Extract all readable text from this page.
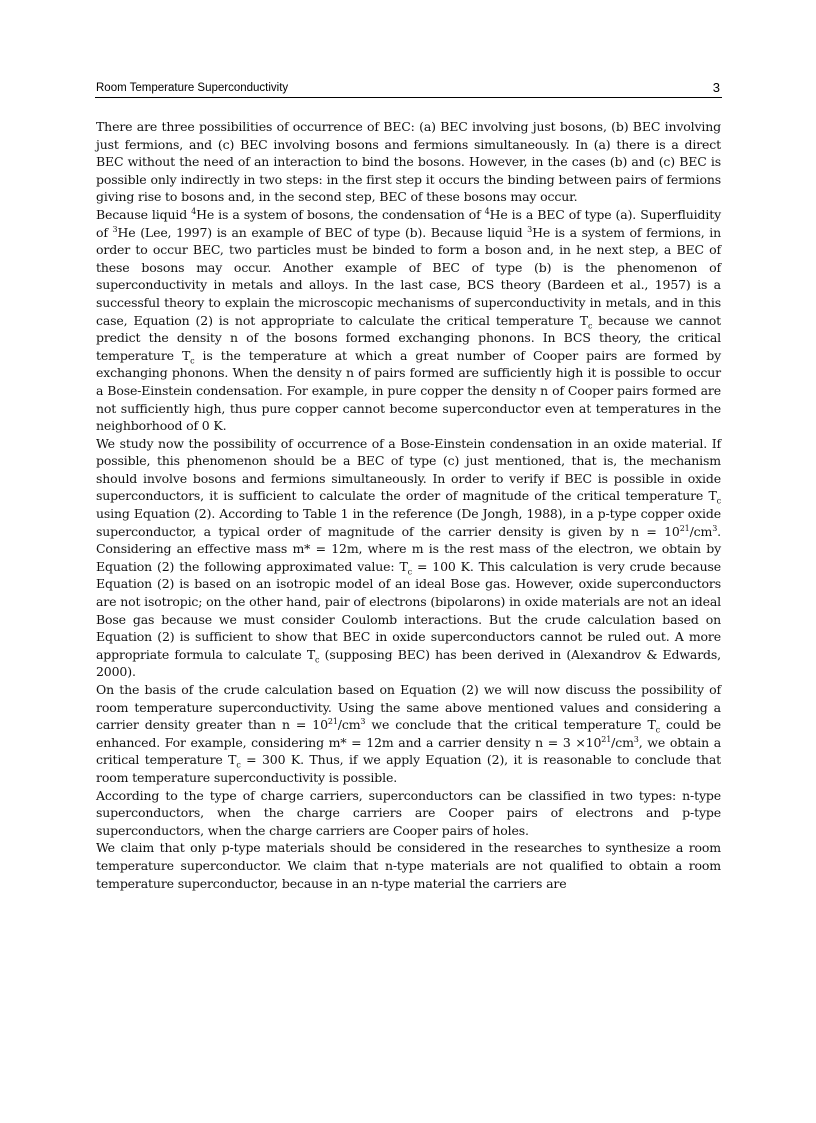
Room Temperature Superconductivity	3

There are three possibilities of occurrence of BEC: (a) BEC involving just bosons, (b) BEC involving just fermions, and (c) BEC involving bosons and fermions simultaneously. In (a) there is a direct BEC without the need of an interaction to bind the bosons. However, in the cases (b) and (c) BEC is possible only indirectly in two steps: in the first step it occurs the binding between pairs of fermions giving rise to bosons and, in the second step, BEC of these bosons may occur.

Because liquid $^4$He is a system of bosons, the condensation of $^4$He is a BEC of type (a). Superfluidity of $^3$He (Lee, 1997) is an example of BEC of type (b). Because liquid $^3$He is a system of fermions, in order to occur BEC, two particles must be binded to form a boson and, in he next step, a BEC of these bosons may occur. Another example of BEC of type (b) is the phenomenon of superconductivity in metals and alloys. In the last case, BCS theory (Bardeen et al., 1957) is a successful theory to explain the microscopic mechanisms of superconductivity in metals, and in this case, Equation (2) is not appropriate to calculate the critical temperature $T_c$ because we cannot predict the density n of the bosons formed exchanging phonons. In BCS theory, the critical temperature $T_c$ is the temperature at which a great number of Cooper pairs are formed by exchanging phonons. When the density n of pairs formed are sufficiently high it is possible to occur a Bose-Einstein condensation. For example, in pure copper the density n of Cooper pairs formed are not sufficiently high, thus pure copper cannot become superconductor even at temperatures in the neighborhood of 0 K.

We study now the possibility of occurrence of a Bose-Einstein condensation in an oxide material. If possible, this phenomenon should be a BEC of type (c) just mentioned, that is, the mechanism should involve bosons and fermions simultaneously. In order to verify if BEC is possible in oxide superconductors, it is sufficient to calculate the order of magnitude of the critical temperature $T_c$ using Equation (2). According to Table 1 in the reference (De Jongh, 1988), in a p-type copper oxide superconductor, a typical order of magnitude of the carrier density is given by $n = 10^{21}/cm^3$. Considering an effective mass m* = 12m, where m is the rest mass of the electron, we obtain by Equation (2) the following approximated value: $T_c = 100$ K. This calculation is very crude because Equation (2) is based on an isotropic model of an ideal Bose gas. However, oxide superconductors are not isotropic; on the other hand, pair of electrons (bipolarons) in oxide materials are not an ideal Bose gas because we must consider Coulomb interactions. But the crude calculation based on Equation (2) is sufficient to show that BEC in oxide superconductors cannot be ruled out. A more appropriate formula to calculate $T_c$ (supposing BEC) has been derived in (Alexandrov & Edwards, 2000).

On the basis of the crude calculation based on Equation (2) we will now discuss the possibility of room temperature superconductivity. Using the same above mentioned values and considering a carrier density greater than $n = 10^{21}/cm^3$ we conclude that the critical temperature $T_c$ could be enhanced. For example, considering m* = 12m and a carrier density $n = 3 \times 10^{21}/cm^3$, we obtain a critical temperature $T_c = 300$ K. Thus, if we apply Equation (2), it is reasonable to conclude that room temperature superconductivity is possible.

According to the type of charge carriers, superconductors can be classified in two types: n-type superconductors, when the charge carriers are Cooper pairs of electrons and p-type superconductors, when the charge carriers are Cooper pairs of holes.

We claim that only p-type materials should be considered in the researches to synthesize a room temperature superconductor. We claim that n-type materials are not qualified to obtain a room temperature superconductor, because in an n-type material the carriers are
